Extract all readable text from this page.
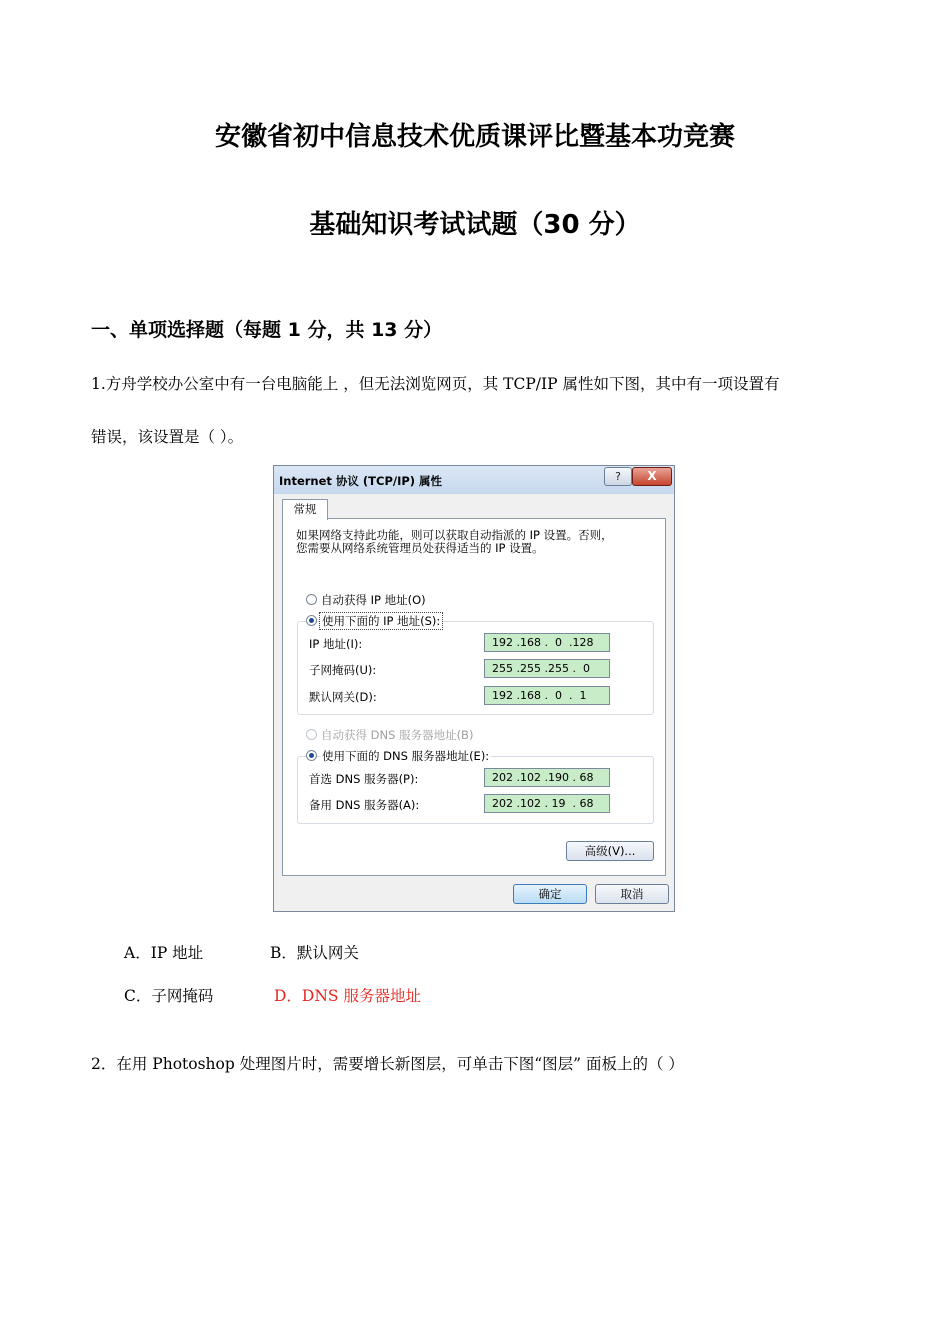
安徽省初中信息技术优质课评比暨基本功竞赛
基础知识考试试题（30 分）
一、单项选择题（每题 1 分，共 13 分）
1.方舟学校办公室中有一台电脑能上 ，但无法浏览网页，其 TCP/IP 属性如下图，其中有一项设置有
错误，该设置是（ ）。
Internet 协议 (TCP/IP) 属性	?	X
常规
如果网络支持此功能，则可以获取自动指派的 IP 设置。否则，
您需要从网络系统管理员处获得适当的 IP 设置。
自动获得 IP 地址(O)
使用下面的 IP 地址(S):
IP 地址(I):	192 .168 .  0  .128
子网掩码(U):	255 .255 .255 .  0
默认网关(D):	192 .168 .  0  .  1
自动获得 DNS 服务器地址(B)
使用下面的 DNS 服务器地址(E):
首选 DNS 服务器(P):	202 .102 .190 . 68
备用 DNS 服务器(A):	202 .102 . 19  . 68
高级(V)...
确定	取消
A．IP 地址	B．默认网关
C．子网掩码	D．DNS 服务器地址
2．在用 Photoshop 处理图片时，需要增长新图层，可单击下图“图层” 面板上的（ ）
